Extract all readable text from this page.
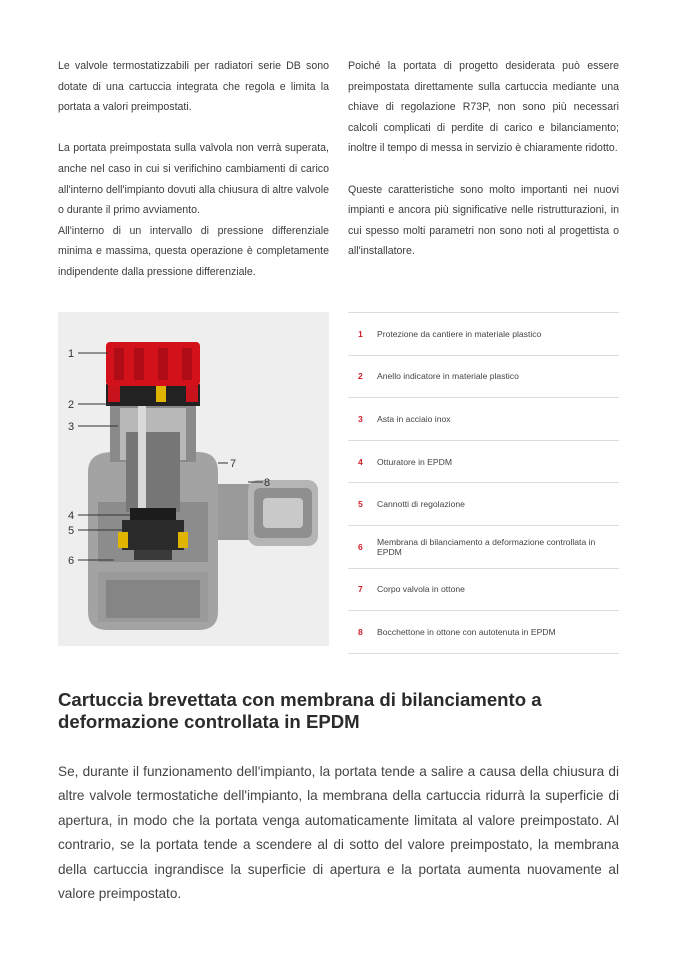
Le valvole termostatizzabili per radiatori serie DB sono dotate di una cartuccia integrata che regola e limita la portata a valori preimpostati.

La portata preimpostata sulla valvola non verrà superata, anche nel caso in cui si verifichino cambiamenti di carico all'interno dell'impianto dovuti alla chiusura di altre valvole o durante il primo avviamento.

All'interno di un intervallo di pressione differenziale minima e massima, questa operazione è completamente indipendente dalla pressione differenziale.

Poiché la portata di progetto desiderata può essere preimpostata direttamente sulla cartuccia mediante una chiave di regolazione R73P, non sono più necessari calcoli complicati di perdite di carico e bilanciamento; inoltre il tempo di messa in servizio è chiaramente ridotto.

Queste caratteristiche sono molto importanti nei nuovi impianti e ancora più significative nelle ristrutturazioni, in cui spesso molti parametri non sono noti al progettista o all'installatore.

1
2
3
7
8
4
5
6
1	Protezione da cantiere in materiale plastico
2	Anello indicatore in materiale plastico
3	Asta in acciaio inox
4	Otturatore in EPDM
5	Cannotti di regolazione
6	Membrana di bilanciamento a deformazione controllata in EPDM
7	Corpo valvola in ottone
8	Bocchettone in ottone con autotenuta in EPDM
Cartuccia brevettata con membrana di bilanciamento a deformazione controllata in EPDM

Se, durante il funzionamento dell'impianto, la portata tende a salire a causa della chiusura di altre valvole termostatiche dell'impianto, la membrana della cartuccia ridurrà la superficie di apertura, in modo che la portata venga automaticamente limitata al valore preimpostato. Al contrario, se la portata tende a scendere al di sotto del valore preimpostato, la membrana della cartuccia ingrandisce la superficie di apertura e la portata aumenta nuovamente al valore preimpostato.
